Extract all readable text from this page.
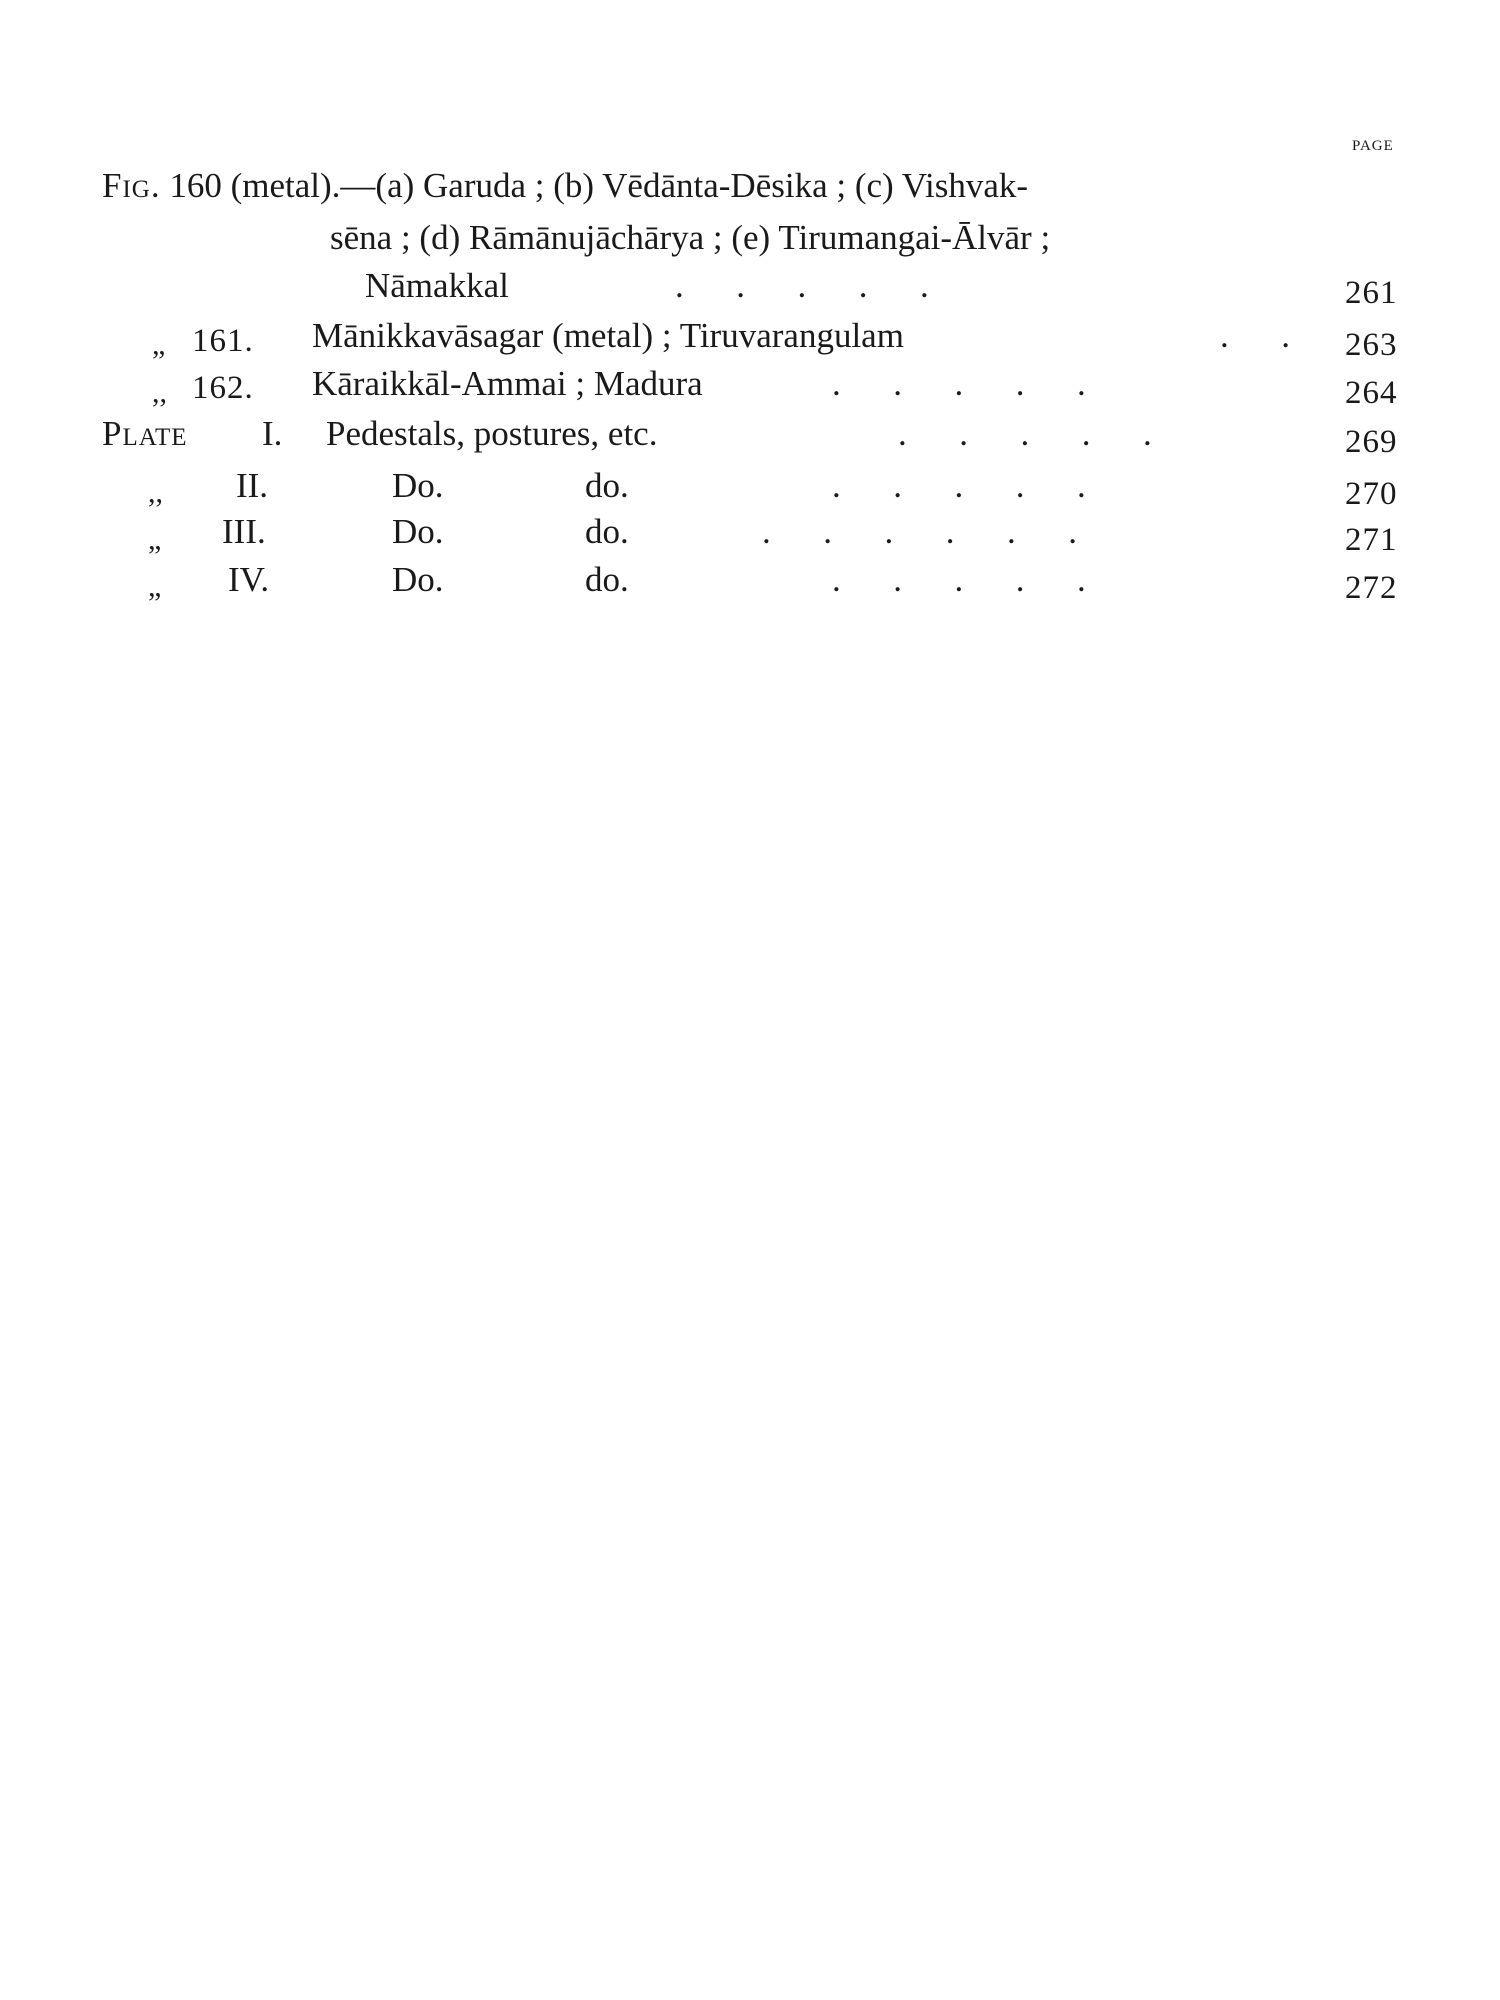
PAGE
Fig. 160 (metal).—(a) Garuda ; (b) Vēdānta-Dēsika ; (c) Vishvak-
sēna ; (d) Rāmānujāchārya ; (e) Tirumangai-Ālvār ;
Nāmakkal	.      .      .      .      .	261
„ 161. Mānikkavāsagar (metal) ; Tiruvarangulam	.      . 263
,, 162. Kāraikkāl-Ammai ; Madura	.      .      .      .      .	264
Plate I. Pedestals, postures, etc.	.      .      .      .      .	269
,, II.	Do.	do.	.      .      .      .      .	270
„ III.	Do.	do.	.      .      .      .      .      .	271
„ IV.	Do.	do.	.      .      .      .      .	272
